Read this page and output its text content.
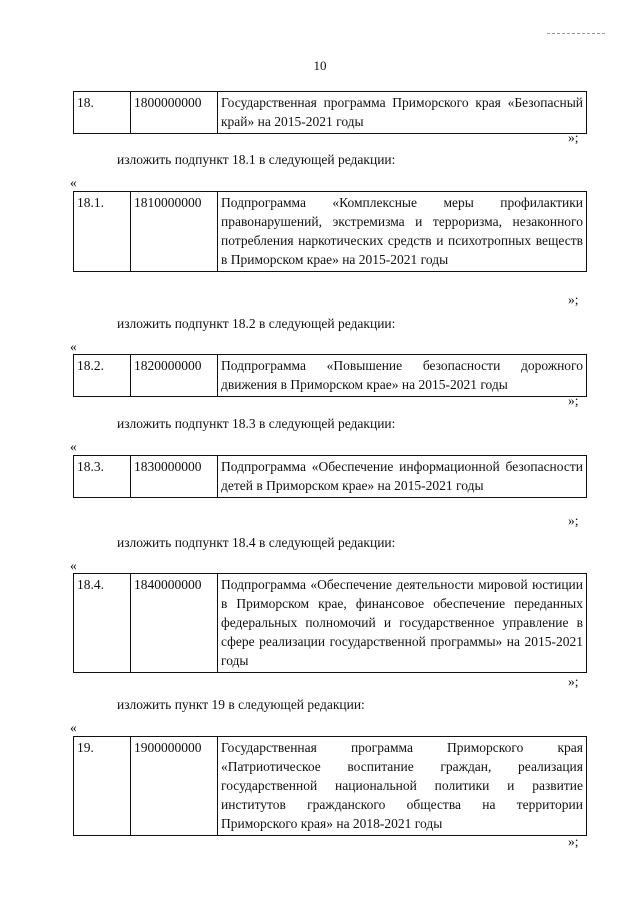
10
18.	1800000000	Государственная программа Приморского края «Безопасный край» на 2015-2021 годы
»;
изложить подпункт 18.1 в следующей редакции:
«
18.1.	1810000000	Подпрограмма «Комплексные меры профилактики правонарушений, экстремизма и терроризма, незаконного потребления наркотических средств и психотропных веществ в Приморском крае» на 2015-2021 годы
»;
изложить подпункт 18.2 в следующей редакции:
«
18.2.	1820000000	Подпрограмма «Повышение безопасности дорожного движения в Приморском крае» на 2015-2021 годы
»;
изложить подпункт 18.3 в следующей редакции:
«
18.3.	1830000000	Подпрограмма «Обеспечение информационной безопасности детей в Приморском крае» на 2015-2021 годы
»;
изложить подпункт 18.4 в следующей редакции:
«
18.4.	1840000000	Подпрограмма «Обеспечение деятельности мировой юстиции в Приморском крае, финансовое обеспечение переданных федеральных полномочий и государственное управление в сфере реализации государственной программы» на 2015-2021 годы
»;
изложить пункт 19 в следующей редакции:
«
19.	1900000000	Государственная программа Приморского края «Патриотическое воспитание граждан, реализация государственной национальной политики и развитие институтов гражданского общества на территории Приморского края» на 2018-2021 годы
»;
